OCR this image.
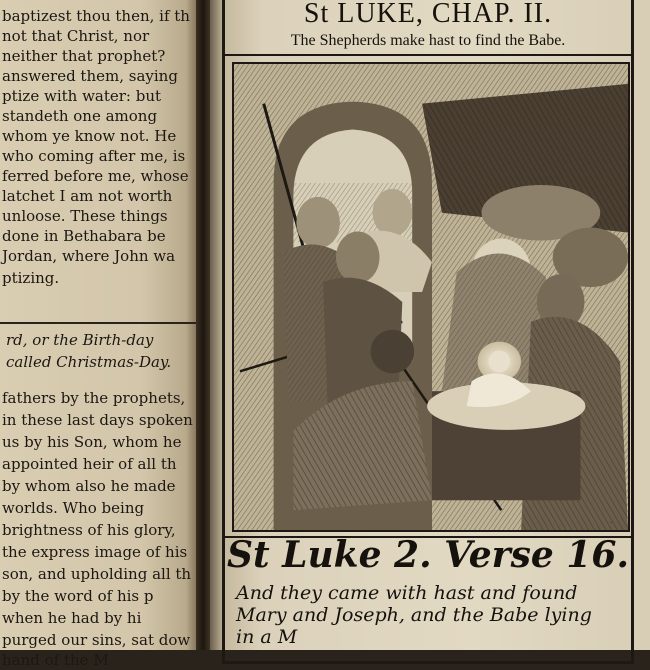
baptizest thou then, if th
not that Christ, nor
neither that prophet?
answered them, saying
ptize with water: but
standeth one among
whom ye know not. He
who coming after me, is
ferred before me, whose
latchet I am not worth
unloose. These things
done in Bethabara be
Jordan, where John wa
ptizing.
rd, or the Birth-day
called Christmas-Day.
fathers by the prophets,
in these last days spoken
us by his Son, whom he
appointed heir of all th
by whom also he made
worlds. Who being
brightness of his glory,
the express image of his
son, and upholding all th
by the word of his p
when he had by hi
purged our sins, sat dow
hand of the M
St LUKE, CHAP. II.
The Shepherds make hast to find the Babe.
·
St Luke 2. Verse 16.
And they came with hast and found
Mary and Joseph, and the Babe lying
in a M
